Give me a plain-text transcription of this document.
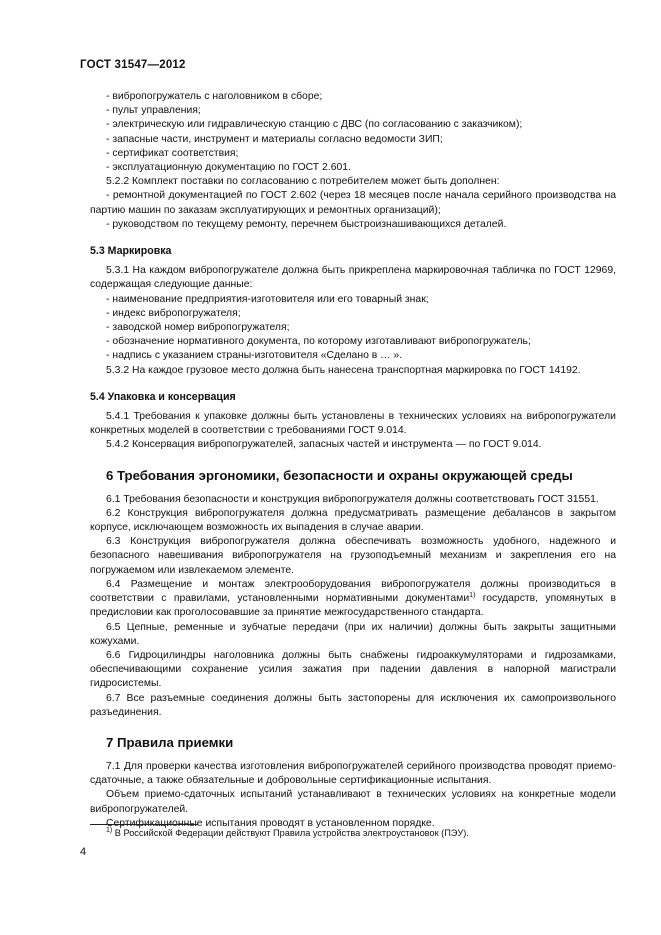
ГОСТ 31547—2012

- вибропогружатель с наголовником в сборе;

- пульт управления;

- электрическую или гидравлическую станцию с ДВС (по согласованию с заказчиком);

- запасные части, инструмент и материалы согласно ведомости ЗИП;

- сертификат соответствия;

- эксплуатационную документацию по ГОСТ 2.601.

5.2.2 Комплект поставки по согласованию с потребителем может быть дополнен:

- ремонтной документацией по ГОСТ 2.602 (через 18 месяцев после начала серийного производства на партию машин по заказам эксплуатирующих и ремонтных организаций);

- руководством по текущему ремонту, перечнем быстроизнашивающихся деталей.

5.3 Маркировка

5.3.1 На каждом вибропогружателе должна быть прикреплена маркировочная табличка по ГОСТ 12969, содержащая следующие данные:

- наименование предприятия-изготовителя или его товарный знак;

- индекс вибропогружателя;

- заводской номер вибропогружателя;

- обозначение нормативного документа, по которому изготавливают вибропогружатель;

- надпись с указанием страны-изготовителя «Сделано в … ».

5.3.2 На каждое грузовое место должна быть нанесена транспортная маркировка по ГОСТ 14192.

5.4 Упаковка и консервация

5.4.1 Требования к упаковке должны быть установлены в технических условиях на вибропогружатели конкретных моделей в соответствии с требованиями ГОСТ 9.014.

5.4.2 Консервация вибропогружателей, запасных частей и инструмента — по ГОСТ 9.014.

6 Требования эргономики, безопасности и охраны окружающей среды

6.1 Требования безопасности и конструкция вибропогружателя должны соответствовать ГОСТ 31551.

6.2 Конструкция вибропогружателя должна предусматривать размещение дебалансов в закрытом корпусе, исключающем возможность их выпадения в случае аварии.

6.3 Конструкция вибропогружателя должна обеспечивать возможность удобного, надежного и безопасного навешивания вибропогружателя на грузоподъемный механизм и закрепления его на погружаемом или извлекаемом элементе.

6.4 Размещение и монтаж электрооборудования вибропогружателя должны производиться в соответствии с правилами, установленными нормативными документами$^{1)}$ государств, упомянутых в предисловии как проголосовавшие за принятие межгосударственного стандарта.

6.5 Цепные, ременные и зубчатые передачи (при их наличии) должны быть закрыты защитными кожухами.

6.6 Гидроцилиндры наголовника должны быть снабжены гидроаккумуляторами и гидрозамками, обеспечивающими сохранение усилия зажатия при падении давления в напорной магистрали гидросистемы.

6.7 Все разъемные соединения должны быть застопорены для исключения их самопроизвольного разъединения.

7 Правила приемки

7.1 Для проверки качества изготовления вибропогружателей серийного производства проводят приемо-сдаточные, а также обязательные и добровольные сертификационные испытания.

Объем приемо-сдаточных испытаний устанавливают в технических условиях на конкретные модели вибропогружателей.

Сертификационные испытания проводят в установленном порядке.

$^{1)}$ В Российской Федерации действуют Правила устройства электроустановок (ПЭУ).
4
